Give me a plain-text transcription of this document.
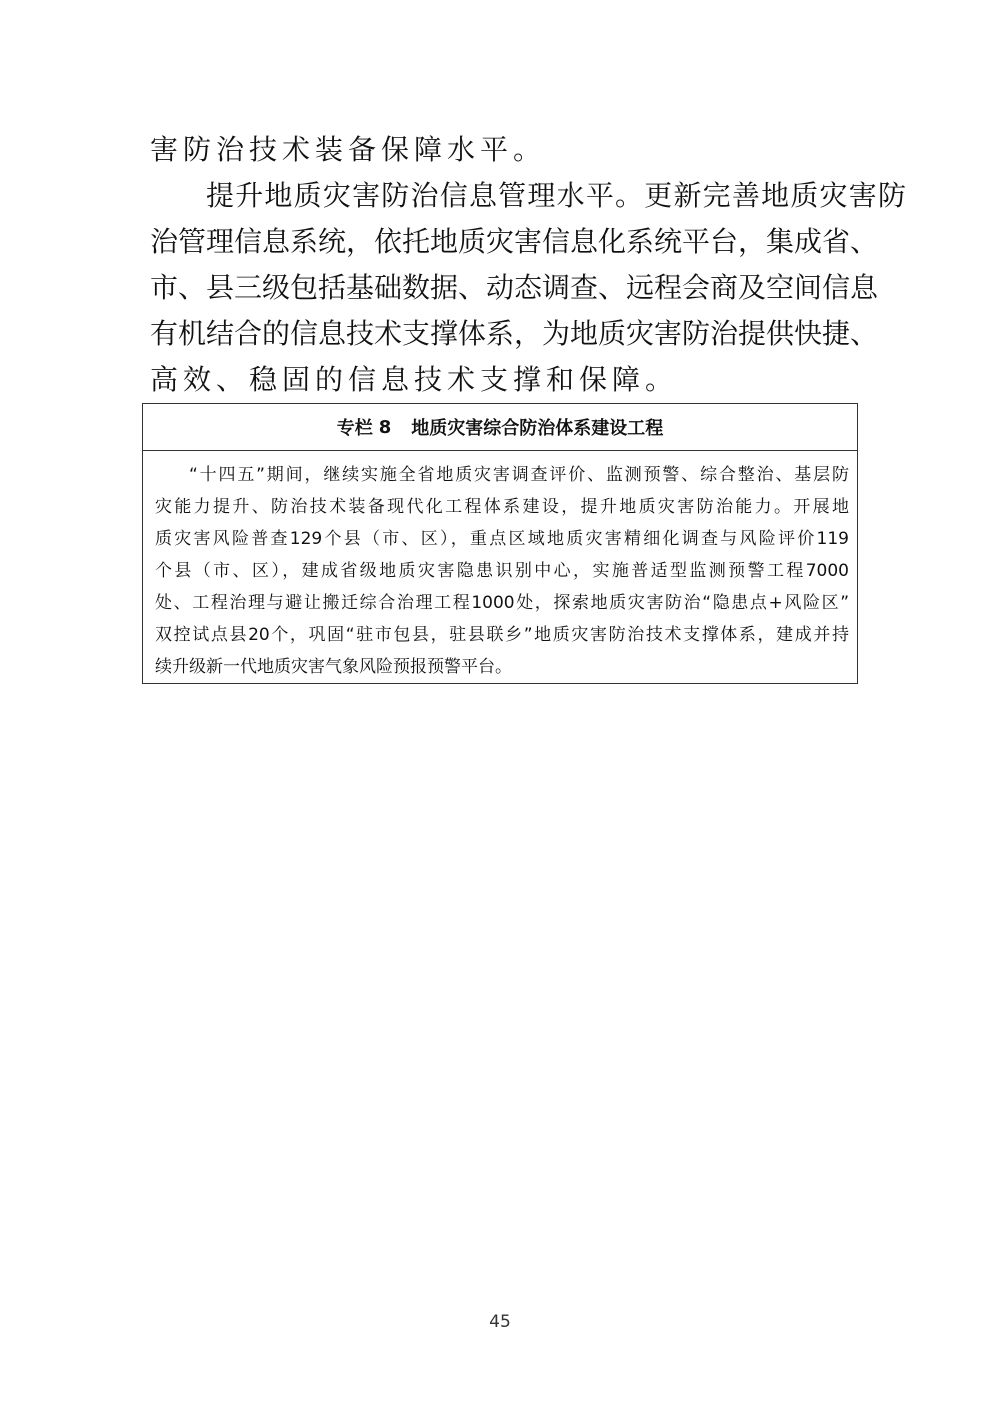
害防治技术装备保障水平。
提升地质灾害防治信息管理水平。更新完善地质灾害防
治管理信息系统，依托地质灾害信息化系统平台，集成省、
市、县三级包括基础数据、动态调查、远程会商及空间信息
有机结合的信息技术支撑体系，为地质灾害防治提供快捷、
高效、稳固的信息技术支撑和保障。
专栏 8 地质灾害综合防治体系建设工程
“十四五”期间，继续实施全省地质灾害调查评价、监测预警、综合整治、基层防
灾能力提升、防治技术装备现代化工程体系建设，提升地质灾害防治能力。开展地
质灾害风险普查129个县（市、区），重点区域地质灾害精细化调查与风险评价119
个县（市、区），建成省级地质灾害隐患识别中心，实施普适型监测预警工程7000
处、工程治理与避让搬迁综合治理工程1000处，探索地质灾害防治“隐患点+风险区”
双控试点县20个，巩固“驻市包县，驻县联乡”地质灾害防治技术支撑体系，建成并持
续升级新一代地质灾害气象风险预报预警平台。
45
